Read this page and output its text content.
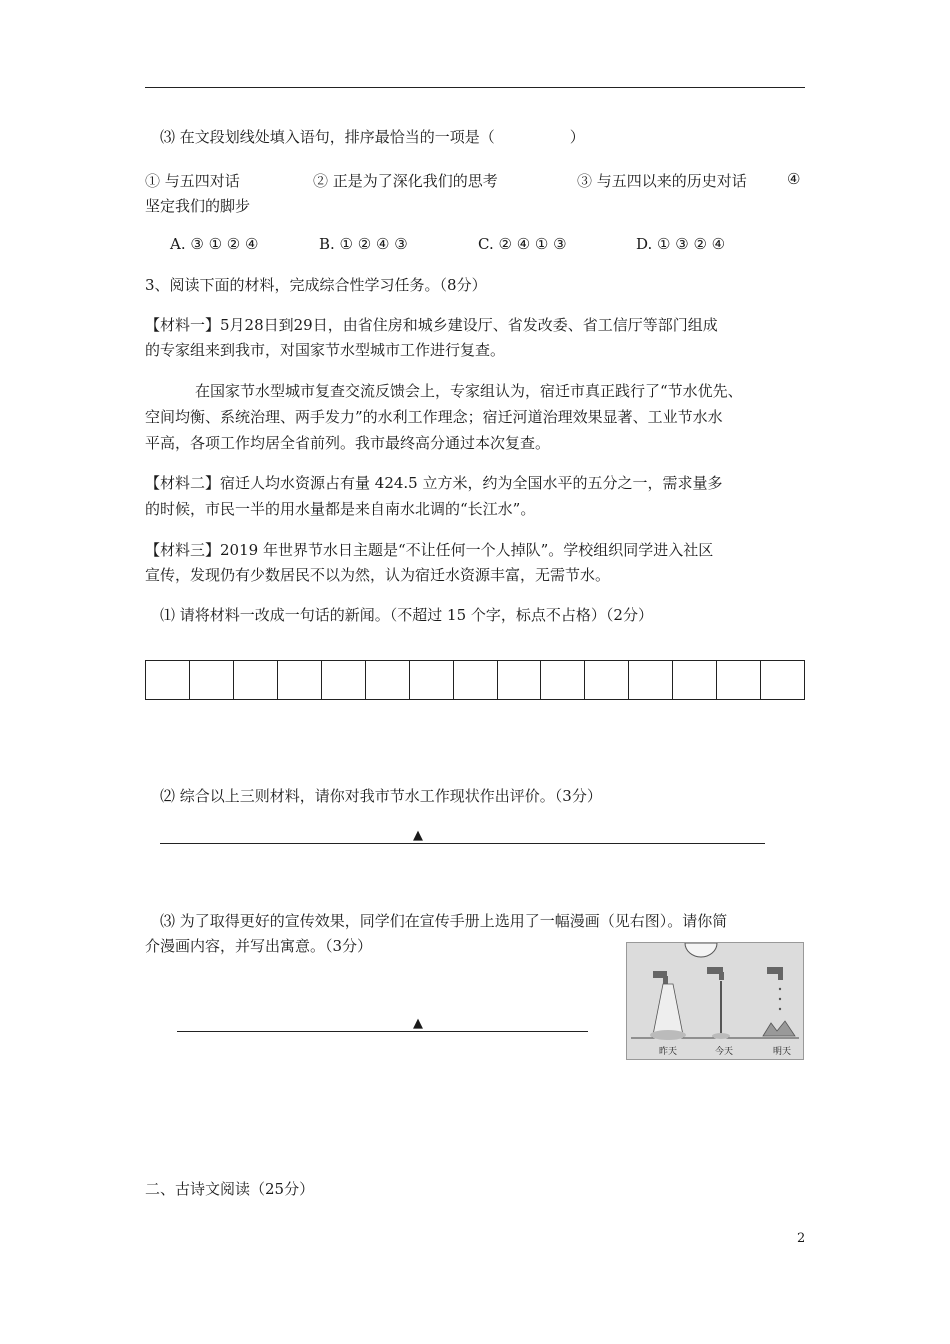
⑶ 在文段划线处填入语句，排序最恰当的一项是（　　　　　）
① 与五四对话	② 正是为了深化我们的思考	③ 与五四以来的历史对话	④
坚定我们的脚步
A. ③ ① ② ④	B. ① ② ④ ③	C. ② ④ ① ③	D. ① ③ ② ④
3、阅读下面的材料，完成综合性学习任务。（8分）
【材料一】5月28日到29日，由省住房和城乡建设厅、省发改委、省工信厅等部门组成
的专家组来到我市，对国家节水型城市工作进行复查。
在国家节水型城市复查交流反馈会上，专家组认为，宿迁市真正践行了“节水优先、
空间均衡、系统治理、两手发力”的水利工作理念；宿迁河道治理效果显著、工业节水水
平高，各项工作均居全省前列。我市最终高分通过本次复查。
【材料二】宿迁人均水资源占有量 424.5 立方米，约为全国水平的五分之一，需求量多
的时候，市民一半的用水量都是来自南水北调的“长江水”。
【材料三】2019 年世界节水日主题是“不让任何一个人掉队”。学校组织同学进入社区
宣传，发现仍有少数居民不以为然，认为宿迁水资源丰富，无需节水。
⑴ 请将材料一改成一句话的新闻。（不超过 15 个字，标点不占格）（2分）
⑵ 综合以上三则材料，请你对我市节水工作现状作出评价。（3分）
▲
⑶ 为了取得更好的宣传效果，同学们在宣传手册上选用了一幅漫画（见右图）。请你简
介漫画内容，并写出寓意。（3分）
▲
昨天	今天	明天
二、古诗文阅读（25分）
2
